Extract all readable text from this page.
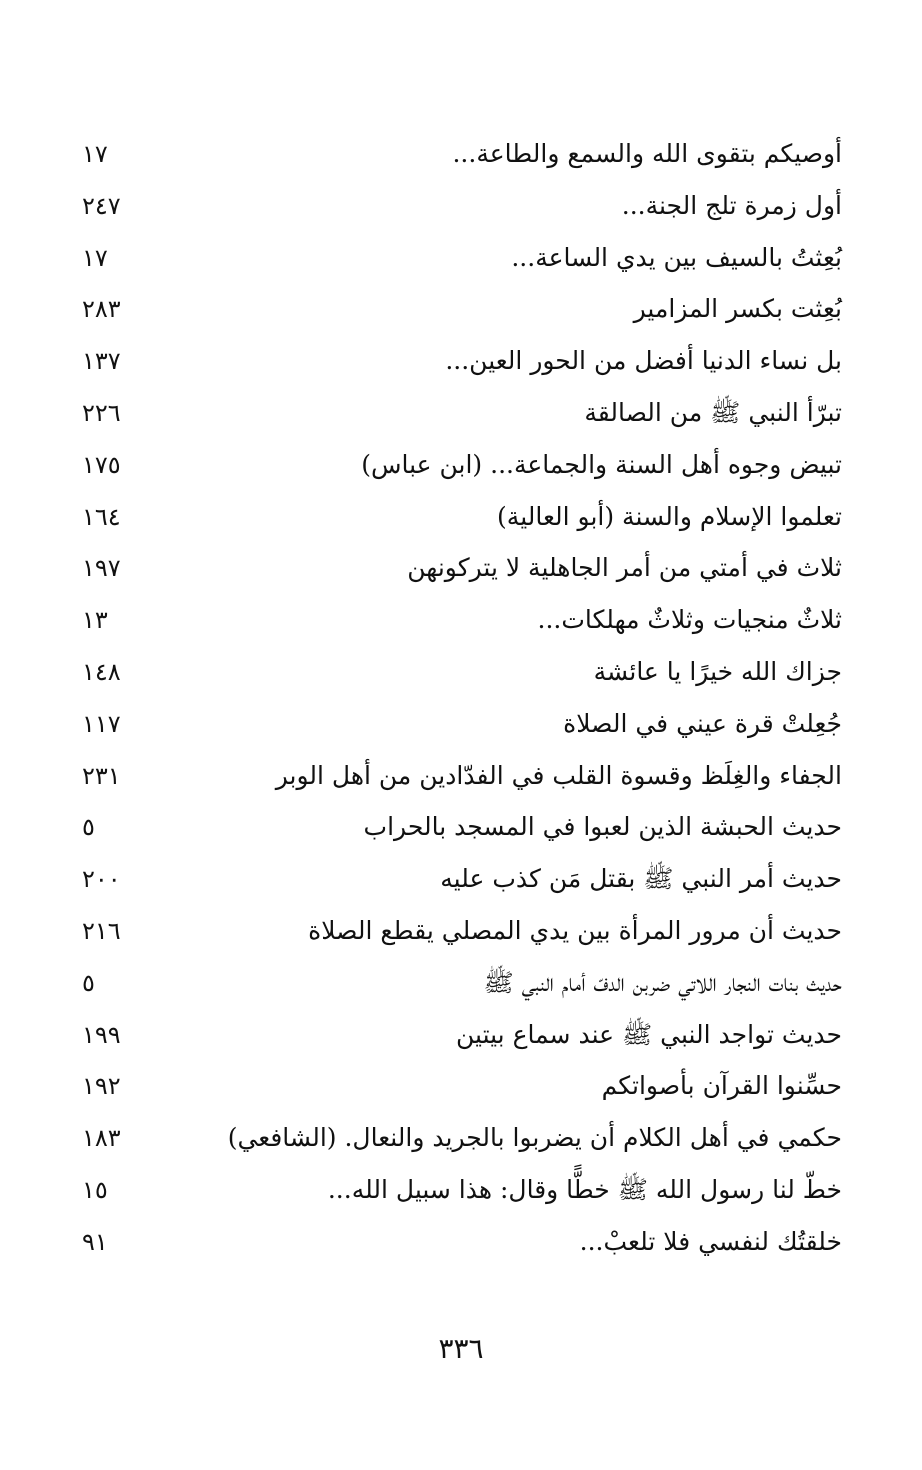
أوصيكم بتقوى الله والسمع والطاعة...
١٧
أول زمرة تلج الجنة...
٢٤٧
بُعِثتُ بالسيف بين يدي الساعة...
١٧
بُعِثت بكسر المزامير
٢٨٣
بل نساء الدنيا أفضل من الحور العين...
١٣٧
تبرّأ النبي ﷺ من الصالقة
٢٢٦
تبيض وجوه أهل السنة والجماعة... (ابن عباس)
١٧٥
تعلموا الإسلام والسنة (أبو العالية)
١٦٤
ثلاث في أمتي من أمر الجاهلية لا يتركونهن
١٩٧
ثلاثٌ منجيات وثلاثٌ مهلكات...
١٣
جزاك الله خيرًا يا عائشة
١٤٨
جُعِلتْ قرة عيني في الصلاة
١١٧
الجفاء والغِلَظ وقسوة القلب في الفدّادين من أهل الوبر
٢٣١
حديث الحبشة الذين لعبوا في المسجد بالحراب
٥
حديث أمر النبي ﷺ بقتل مَن كذب عليه
٢٠٠
حديث أن مرور المرأة بين يدي المصلي يقطع الصلاة
٢١٦
حديث بنات النجار اللاتي ضربن الدفّ أمام النبي ﷺ
٥
حديث تواجد النبي ﷺ عند سماع بيتين
١٩٩
حسِّنوا القرآن بأصواتكم
١٩٢
حكمي في أهل الكلام أن يضربوا بالجريد والنعال. (الشافعي)
١٨٣
خطّ لنا رسول الله ﷺ خطًّا وقال: هذا سبيل الله...
١٥
خلقتُك لنفسي فلا تلعبْ...
٩١
٣٣٦
